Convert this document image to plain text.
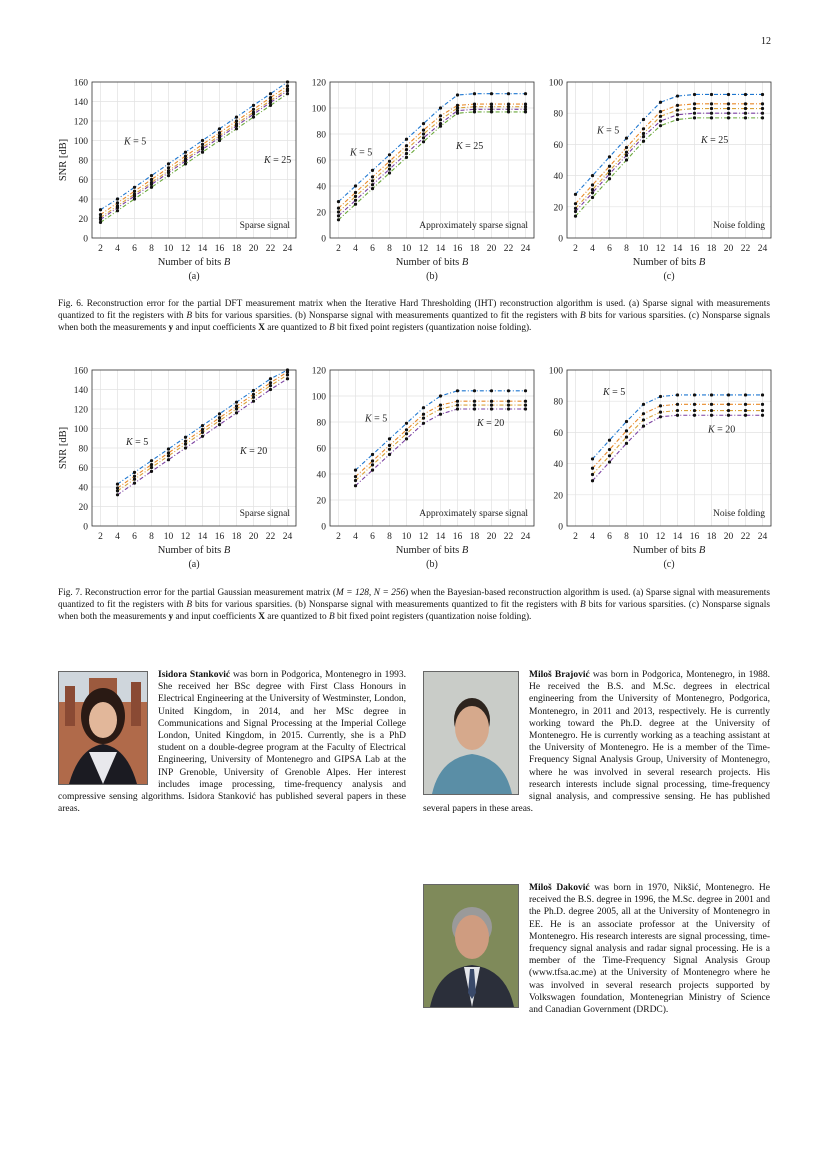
12
2 4 6 8 10 12 14 16 18 20 22 24
0
20
40
60
80
100
120
140
160
K = 5
K = 25
Sparse signal
Number of bits B
SNR [dB]
(a)
2 4 6 8 10 12 14 16 18 20 22 24
0
20
40
60
80
100
120
K = 5
K = 25
Approximately sparse signal
Number of bits B
(b)
2 4 6 8 10 12 14 16 18 20 22 24
0
20
40
60
80
100
K = 5
K = 25
Noise folding
Number of bits B
(c)
2 4 6 8 10 12 14 16 18 20 22 24
0
20
40
60
80
100
120
140
160
K = 5
K = 20
Sparse signal
Number of bits B
SNR [dB]
(a)
2 4 6 8 10 12 14 16 18 20 22 24
0
20
40
60
80
100
120
K = 5	K = 20
Approximately sparse signal
Number of bits B
(b)
2 4 6 8 10 12 14 16 18 20 22 24
0
20
40
60
80
100
K = 5
K = 20
Noise folding
Number of bits B
(c)
Fig. 6. Reconstruction error for the partial DFT measurement matrix when the Iterative Hard Thresholding (IHT) reconstruction algorithm is used. (a) Sparse signal with measurements quantized to fit the registers with B bits for various sparsities. (b) Nonsparse signal with measurements quantized to fit the registers with B bits for various sparsities. (c) Nonsparse signals when both the measurements y and input coefficients X are quantized to B bit fixed point registers (quantization noise folding).
Fig. 7. Reconstruction error for the partial Gaussian measurement matrix (M = 128, N = 256) when the Bayesian-based reconstruction algorithm is used. (a) Sparse signal with measurements quantized to fit the registers with B bits for various sparsities. (b) Nonsparse signal with measurements quantized to fit the registers with B bits for various sparsities. (c) Nonsparse signals when both the measurements y and input coefficients X are quantized to B bit fixed point registers (quantization noise folding).
Isidora Stanković was born in Podgorica, Montenegro in 1993. She received her BSc degree with First Class Honours in Electrical Engineering at the University of Westminster, London, United Kingdom, in 2014, and her MSc degree in Communications and Signal Processing at the Imperial College London, United Kingdom, in 2015. Currently, she is a PhD student on a double-degree program at the Faculty of Electrical Engineering, University of Montenegro and GIPSA Lab at the INP Grenoble, University of Grenoble Alpes. Her interest includes image processing, time-frequency analysis and compressive sensing algorithms. Isidora Stanković has published several papers in these areas.
Miloš Brajović was born in Podgorica, Montenegro, in 1988. He received the B.S. and M.Sc. degrees in electrical engineering from the University of Montenegro, Podgorica, Montenegro, in 2011 and 2013, respectively. He is currently working toward the Ph.D. degree at the University of Montenegro. He is currently working as a teaching assistant at the University of Montenegro. He is a member of the Time-Frequency Signal Analysis Group, University of Montenegro, where he was involved in several research projects. His research interests include signal processing, time-frequency signal analysis, and compressive sensing. He has published several papers in these areas.
Miloš Daković was born in 1970, Nikšić, Montenegro. He received the B.S. degree in 1996, the M.Sc. degree in 2001 and the Ph.D. degree 2005, all at the University of Montenegro in EE. He is an associate professor at the University of Montenegro. His research interests are signal processing, time-frequency signal analysis and radar signal processing. He is a member of the Time-Frequency Signal Analysis Group (www.tfsa.ac.me) at the University of Montenegro where he was involved in several research projects supported by Volkswagen foundation, Montenegrian Ministry of Science and Canadian Government (DRDC).
